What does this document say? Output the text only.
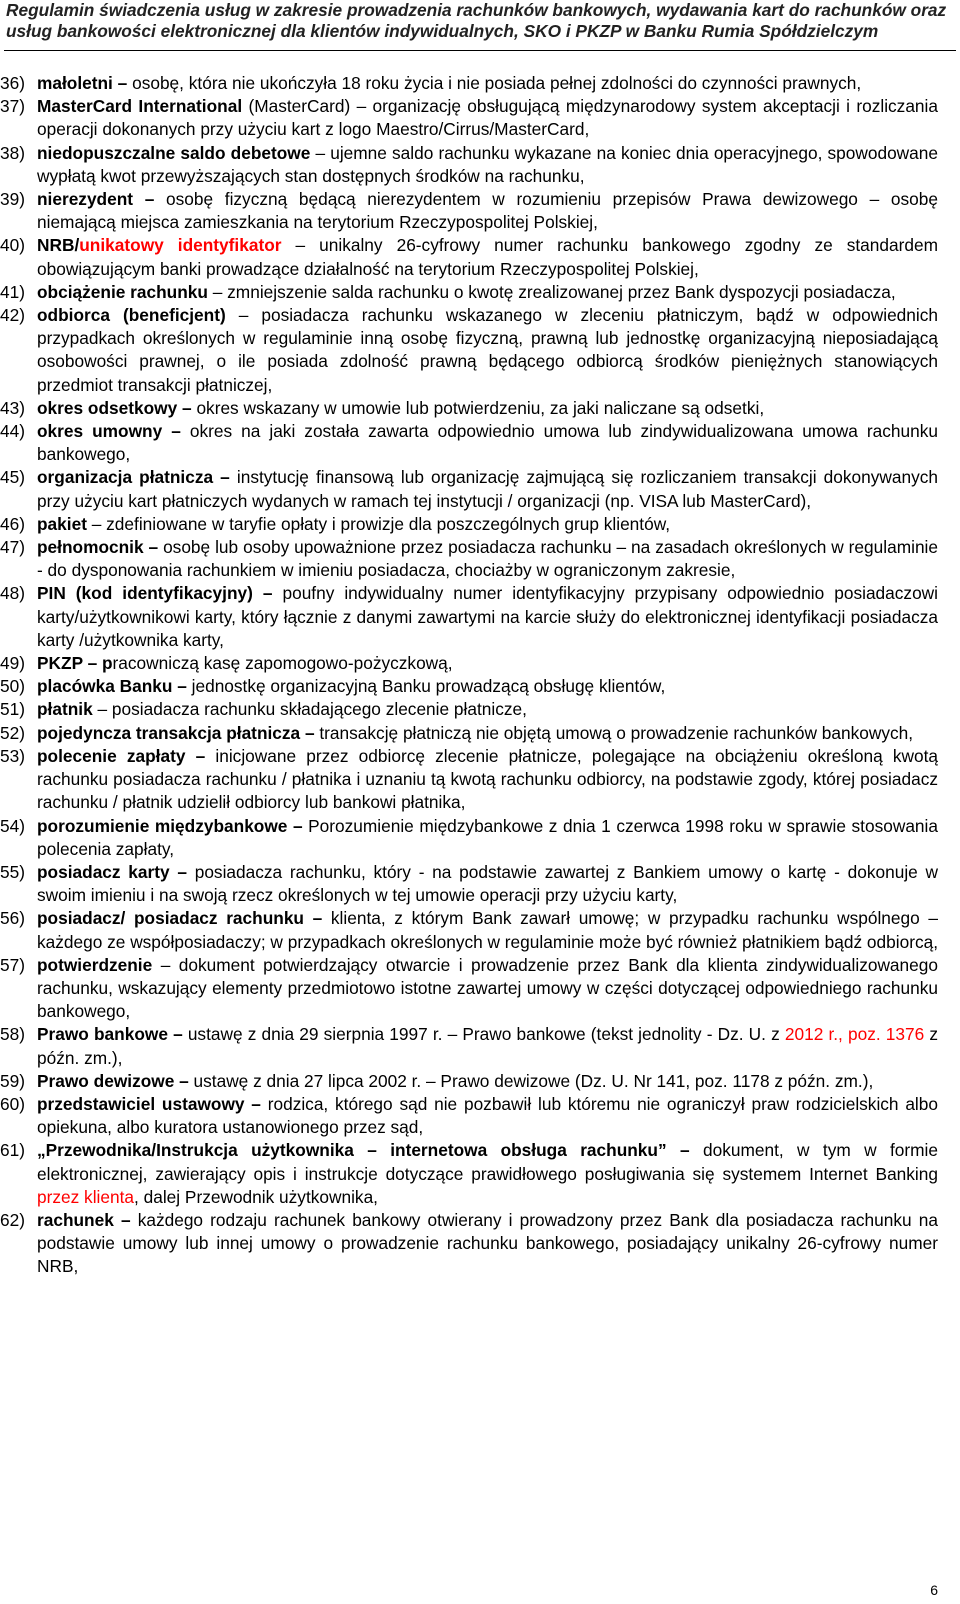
Regulamin świadczenia usług w zakresie prowadzenia rachunków bankowych, wydawania kart do rachunków oraz
usług bankowości elektronicznej dla klientów indywidualnych, SKO i PKZP w Banku Rumia Spółdzielczym
36) małoletni – osobę, która nie ukończyła 18 roku życia i nie posiada pełnej zdolności do czynności prawnych,
37) MasterCard International (MasterCard) – organizację obsługującą międzynarodowy system akceptacji i rozliczania operacji dokonanych przy użyciu kart z logo Maestro/Cirrus/MasterCard,
38) niedopuszczalne saldo debetowe – ujemne saldo rachunku wykazane na koniec dnia operacyjnego, spowodowane wypłatą kwot przewyższających stan dostępnych środków na rachunku,
39) nierezydent – osobę fizyczną będącą nierezydentem w rozumieniu przepisów Prawa dewizowego – osobę niemającą miejsca zamieszkania na terytorium Rzeczypospolitej Polskiej,
40) NRB/unikatowy identyfikator – unikalny 26-cyfrowy numer rachunku bankowego zgodny ze standardem obowiązującym banki prowadzące działalność na terytorium Rzeczypospolitej Polskiej,
41) obciążenie rachunku – zmniejszenie salda rachunku o kwotę zrealizowanej przez Bank dyspozycji posiadacza,
42) odbiorca (beneficjent) – posiadacza rachunku wskazanego w zleceniu płatniczym, bądź w odpowiednich przypadkach określonych w regulaminie inną osobę fizyczną, prawną lub jednostkę organizacyjną nieposiadającą osobowości prawnej, o ile posiada zdolność prawną będącego odbiorcą środków pieniężnych stanowiących przedmiot transakcji płatniczej,
43) okres odsetkowy – okres wskazany w umowie lub potwierdzeniu, za jaki naliczane są odsetki,
44) okres umowny – okres na jaki została zawarta odpowiednio umowa lub zindywidualizowana umowa rachunku bankowego,
45) organizacja płatnicza – instytucję finansową lub organizację zajmującą się rozliczaniem transakcji dokonywanych przy użyciu kart płatniczych wydanych w ramach tej instytucji / organizacji (np. VISA lub MasterCard),
46) pakiet – zdefiniowane w taryfie opłaty i prowizje dla poszczególnych grup klientów,
47) pełnomocnik – osobę lub osoby upoważnione przez posiadacza rachunku – na zasadach określonych w regulaminie - do dysponowania rachunkiem w imieniu posiadacza, chociażby w ograniczonym zakresie,
48) PIN (kod identyfikacyjny) – poufny indywidualny numer identyfikacyjny przypisany odpowiednio posiadaczowi karty/użytkownikowi karty, który łącznie z danymi zawartymi na karcie służy do elektronicznej identyfikacji posiadacza karty /użytkownika karty,
49) PKZP – pracowniczą kasę zapomogowo-pożyczkową,
50) placówka Banku – jednostkę organizacyjną Banku prowadzącą obsługę klientów,
51) płatnik – posiadacza rachunku składającego zlecenie płatnicze,
52) pojedyncza transakcja płatnicza – transakcję płatniczą nie objętą umową o prowadzenie rachunków bankowych,
53) polecenie zapłaty – inicjowane przez odbiorcę zlecenie płatnicze, polegające na obciążeniu określoną kwotą rachunku posiadacza rachunku / płatnika i uznaniu tą kwotą rachunku odbiorcy, na podstawie zgody, której posiadacz rachunku / płatnik udzielił odbiorcy lub bankowi płatnika,
54) porozumienie międzybankowe – Porozumienie międzybankowe z dnia 1 czerwca 1998 roku w sprawie stosowania polecenia zapłaty,
55) posiadacz karty – posiadacza rachunku, który - na podstawie zawartej z Bankiem umowy o kartę - dokonuje w swoim imieniu i na swoją rzecz określonych w tej umowie operacji przy użyciu karty,
56) posiadacz/ posiadacz rachunku – klienta, z którym Bank zawarł umowę; w przypadku rachunku wspólnego – każdego ze współposiadaczy; w przypadkach określonych w regulaminie może być również płatnikiem bądź odbiorcą,
57) potwierdzenie – dokument potwierdzający otwarcie i prowadzenie przez Bank dla klienta zindywidualizowanego rachunku, wskazujący elementy przedmiotowo istotne zawartej umowy w części dotyczącej odpowiedniego rachunku bankowego,
58) Prawo bankowe – ustawę z dnia 29 sierpnia 1997 r. – Prawo bankowe (tekst jednolity - Dz. U. z 2012 r., poz. 1376 z późn. zm.),
59) Prawo dewizowe – ustawę z dnia 27 lipca 2002 r. – Prawo dewizowe (Dz. U. Nr 141, poz. 1178 z późn. zm.),
60) przedstawiciel ustawowy – rodzica, którego sąd nie pozbawił lub któremu nie ograniczył praw rodzicielskich albo opiekuna, albo kuratora ustanowionego przez sąd,
61) „Przewodnika/Instrukcja użytkownika – internetowa obsługa rachunku” – dokument, w tym w formie elektronicznej, zawierający opis i instrukcje dotyczące prawidłowego posługiwania się systemem Internet Banking przez klienta, dalej Przewodnik użytkownika,
62) rachunek – każdego rodzaju rachunek bankowy otwierany i prowadzony przez Bank dla posiadacza rachunku na podstawie umowy lub innej umowy o prowadzenie rachunku bankowego, posiadający unikalny 26-cyfrowy numer NRB,
6
